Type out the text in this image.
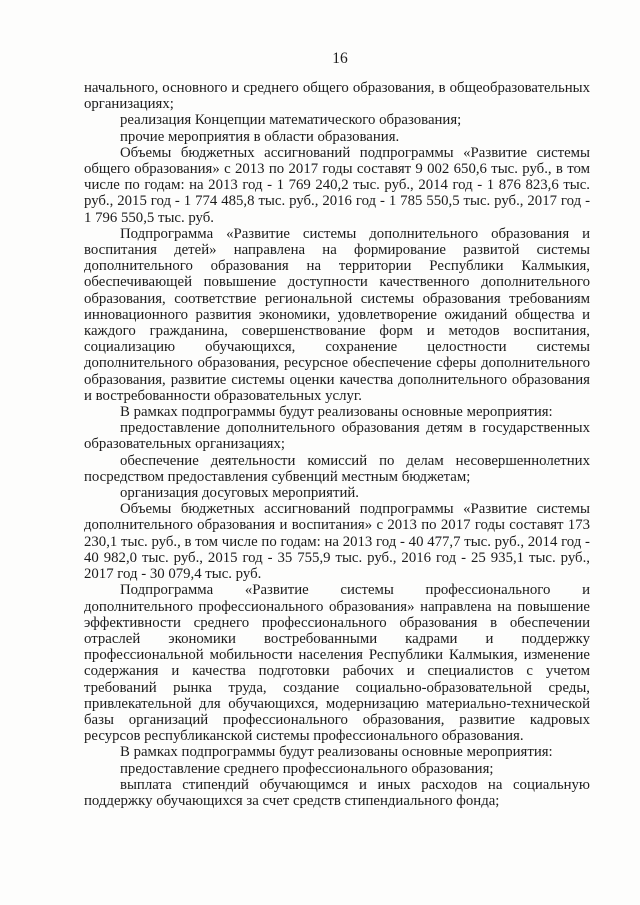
16

начального, основного и среднего общего образования, в общеобразовательных организациях;

реализация Концепции математического образования;

прочие мероприятия в области образования.

Объемы бюджетных ассигнований подпрограммы «Развитие системы общего образования» с 2013 по 2017 годы составят 9 002 650,6 тыс. руб., в том числе по годам: на 2013 год - 1 769 240,2 тыс. руб., 2014 год - 1 876 823,6 тыс. руб., 2015 год - 1 774 485,8 тыс. руб., 2016 год - 1 785 550,5 тыс. руб., 2017 год - 1 796 550,5 тыс. руб.

Подпрограмма «Развитие системы дополнительного образования и воспитания детей» направлена на формирование развитой системы дополнительного образования на территории Республики Калмыкия, обеспечивающей повышение доступности качественного дополнительного образования, соответствие региональной системы образования требованиям инновационного развития экономики, удовлетворение ожиданий общества и каждого гражданина, совершенствование форм и методов воспитания, социализацию обучающихся, сохранение целостности системы дополнительного образования, ресурсное обеспечение сферы дополнительного образования, развитие системы оценки качества дополнительного образования и востребованности образовательных услуг.

В рамках подпрограммы будут реализованы основные мероприятия:

предоставление дополнительного образования детям в государственных образовательных организациях;

обеспечение деятельности комиссий по делам несовершеннолетних посредством предоставления субвенций местным бюджетам;

организация досуговых мероприятий.

Объемы бюджетных ассигнований подпрограммы «Развитие системы дополнительного образования и воспитания» с 2013 по 2017 годы составят 173 230,1 тыс. руб., в том числе по годам: на 2013 год - 40 477,7 тыс. руб., 2014 год - 40 982,0 тыс. руб., 2015 год - 35 755,9 тыс. руб., 2016 год - 25 935,1 тыс. руб., 2017 год - 30 079,4 тыс. руб.

Подпрограмма «Развитие системы профессионального и дополнительного профессионального образования» направлена на повышение эффективности среднего профессионального образования в обеспечении отраслей экономики востребованными кадрами и поддержку профессиональной мобильности населения Республики Калмыкия, изменение содержания и качества подготовки рабочих и специалистов с учетом требований рынка труда, создание социально-образовательной среды, привлекательной для обучающихся, модернизацию материально-технической базы организаций профессионального образования, развитие кадровых ресурсов республиканской системы профессионального образования.

В рамках подпрограммы будут реализованы основные мероприятия:

предоставление среднего профессионального образования;

выплата стипендий обучающимся и иных расходов на социальную поддержку обучающихся за счет средств стипендиального фонда;
